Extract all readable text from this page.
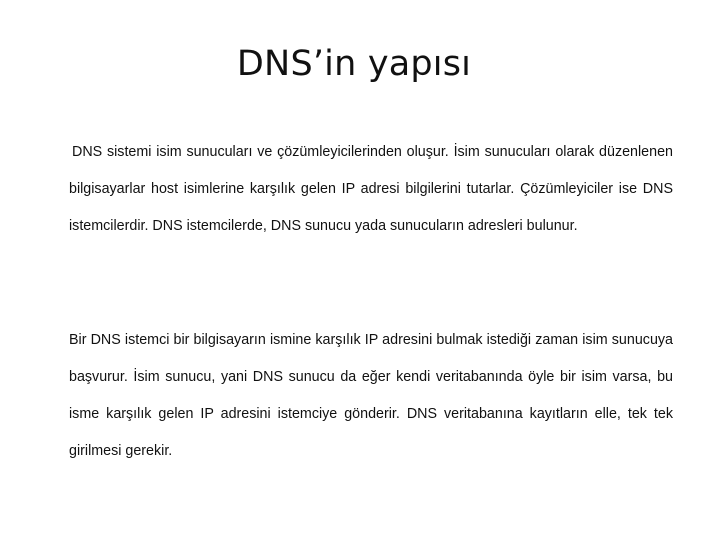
DNS’in yapısı

DNS sistemi isim sunucuları ve çözümleyicilerinden oluşur. İsim sunucuları olarak düzenlenen bilgisayarlar host isimlerine karşılık gelen IP adresi bilgilerini tutarlar. Çözümleyiciler ise DNS istemcilerdir. DNS istemcilerde, DNS sunucu yada sunucuların adresleri bulunur.

Bir DNS istemci bir bilgisayarın ismine karşılık IP adresini bulmak istediği zaman isim sunucuya başvurur. İsim sunucu, yani DNS sunucu da eğer kendi veritabanında öyle bir isim varsa, bu isme karşılık gelen IP adresini istemciye gönderir. DNS veritabanına kayıtların elle, tek tek girilmesi gerekir.
